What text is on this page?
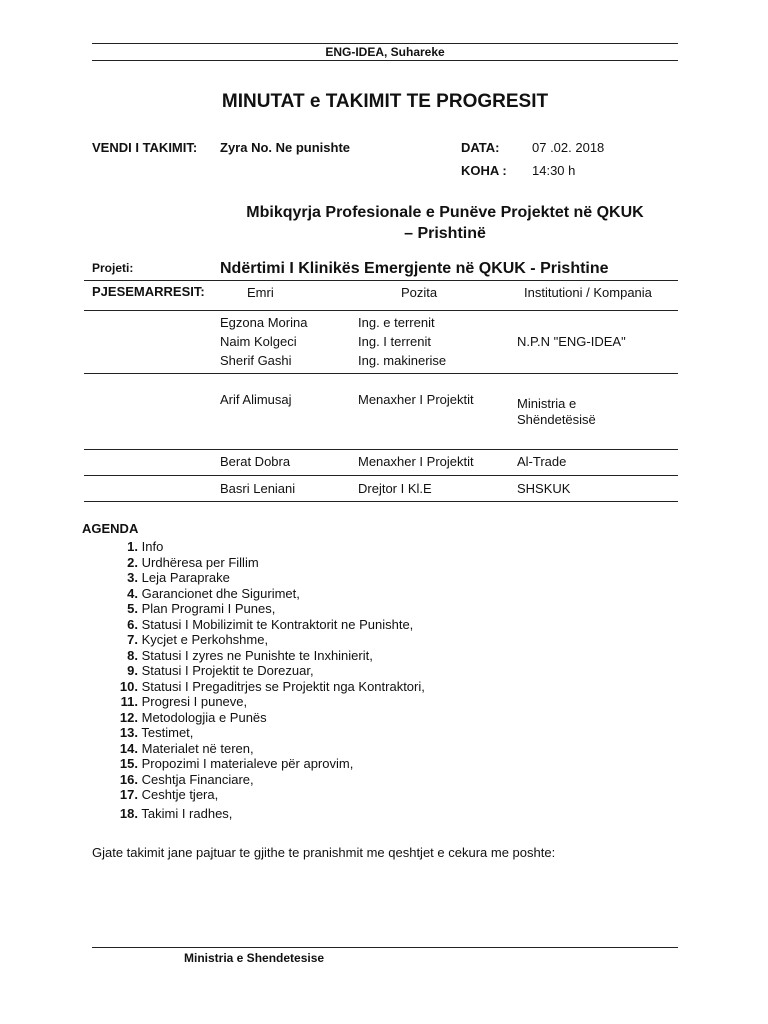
ENG-IDEA, Suhareke
MINUTAT e TAKIMIT TE PROGRESIT
VENDI I TAKIMIT: Zyra No. Ne punishte	DATA: 07 .02. 2018
KOHA : 14:30 h
Mbikqyrja Profesionale e Punëve Projektet në QKUK
– Prishtinë
Projeti:	Ndërtimi I Klinikës Emergjente në QKUK - Prishtine
PJESEMARRESIT:	Emri	Pozita	Institutioni / Kompania
Egzona Morina	Ing. e terrenit
Naim Kolgeci	Ing. I terrenit	N.P.N "ENG-IDEA"
Sherif Gashi	Ing. makinerise
Arif Alimusaj	Menaxher I Projektit	Ministria e
Shëndetësisë
Berat Dobra	Menaxher I Projektit	Al-Trade
Basri Leniani	Drejtor I Kl.E	SHSKUK
AGENDA
1. Info
2. Urdhëresa per Fillim
3. Leja Paraprake
4. Garancionet dhe Sigurimet,
5. Plan Programi I Punes,
6. Statusi I Mobilizimit te Kontraktorit ne Punishte,
7. Kycjet e Perkohshme,
8. Statusi I zyres ne Punishte te Inxhinierit,
9. Statusi I Projektit te Dorezuar,
10. Statusi I Pregaditrjes se Projektit nga Kontraktori,
11. Progresi I puneve,
12. Metodologjia e Punës
13. Testimet,
14. Materialet në teren,
15. Propozimi I materialeve për aprovim,
16. Ceshtja Financiare,
17. Ceshtje tjera,
18. Takimi I radhes,
Gjate takimit jane pajtuar te gjithe te pranishmit me qeshtjet e cekura me poshte:
Ministria e Shendetesise
